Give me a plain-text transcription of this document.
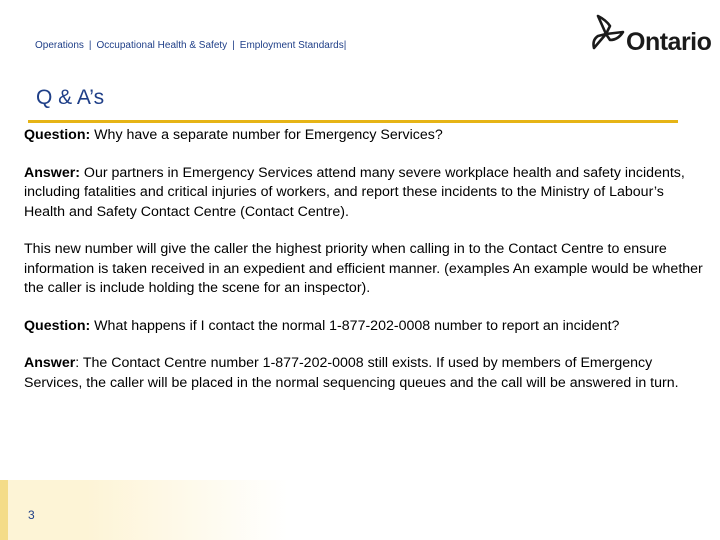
Operations | Occupational Health & Safety | Employment Standards|	Ontario
Q & A’s

Question: Why have a separate number for Emergency Services?

Answer: Our partners in Emergency Services attend many severe workplace health and safety incidents, including fatalities and critical injuries of workers, and report these incidents to the Ministry of Labour’s Health and Safety Contact Centre (Contact Centre).

This new number will give the caller the highest priority when calling in to the Contact Centre to ensure information is taken received in an expedient and efficient manner. (examples An example would be whether the caller is include holding the scene for an inspector).

Question: What happens if I contact the normal 1-877-202-0008 number to report an incident?

Answer: The Contact Centre number 1-877-202-0008 still exists. If used by members of Emergency Services, the caller will be placed in the normal sequencing queues and the call will be answered in turn.

3
